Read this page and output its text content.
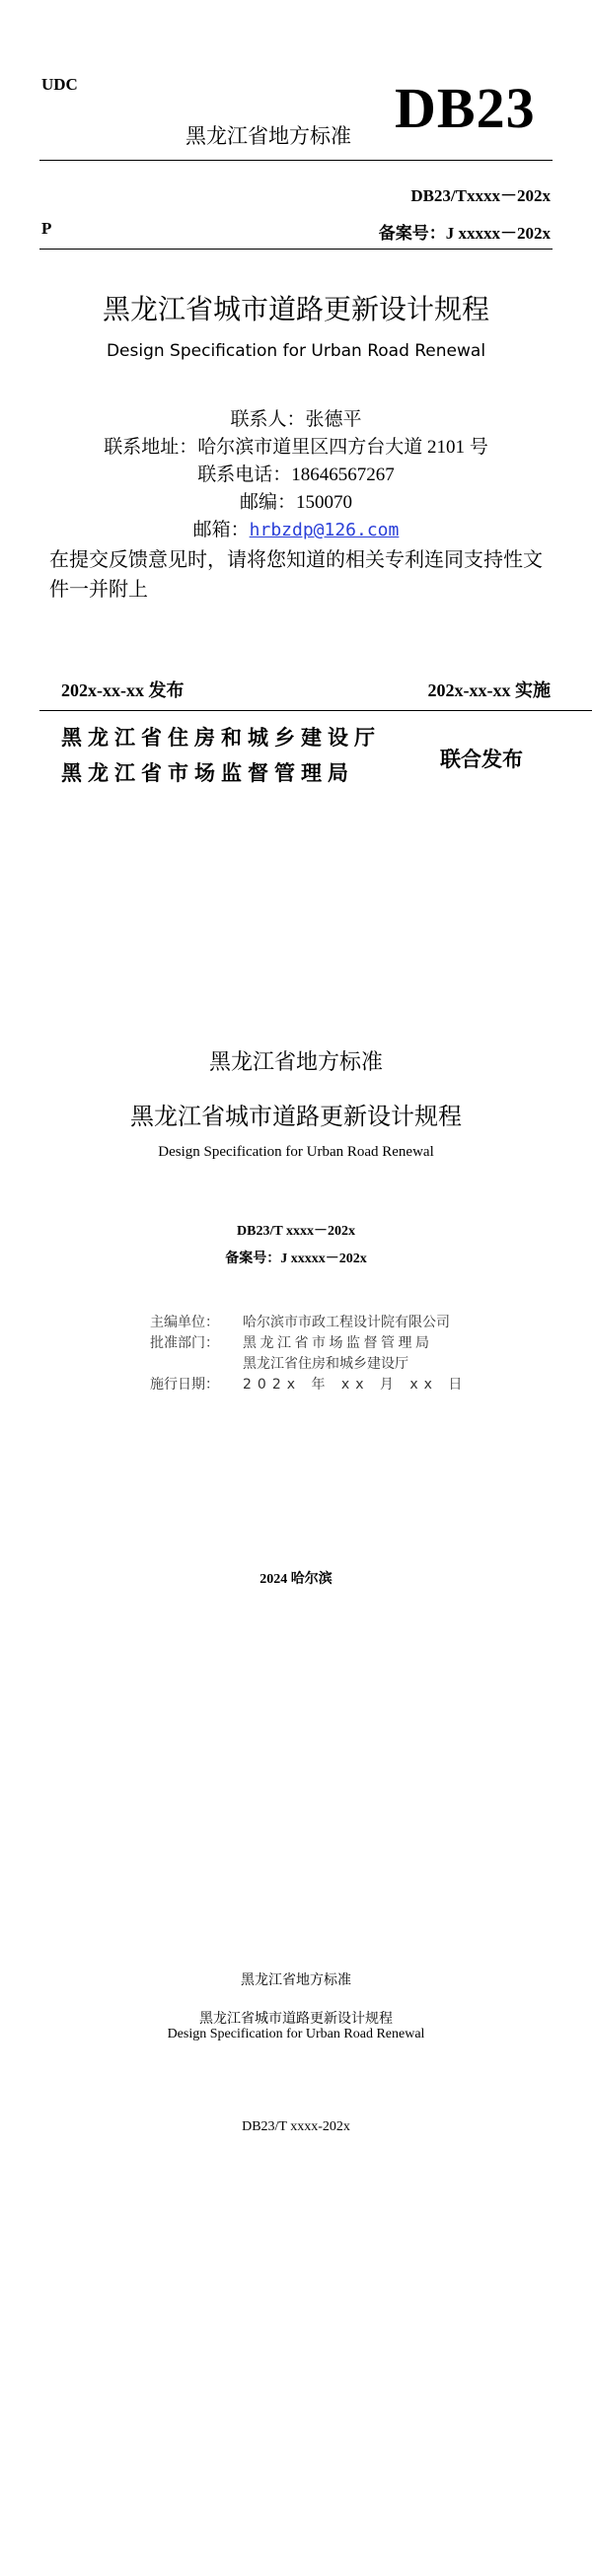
UDC
黑龙江省地方标准 DB23
DB23/Txxxx－202x
P	备案号：J xxxxx－202x
黑龙江省城市道路更新设计规程
Design Specification for Urban Road Renewal
联系人：张德平
联系地址：哈尔滨市道里区四方台大道 2101 号
联系电话：18646567267
邮编：150070
邮箱：hrbzdp@126.com
在提交反馈意见时，请将您知道的相关专利连同支持性文件一并附上
202x-xx-xx 发布	202x-xx-xx 实施
黑龙江省住房和城乡建设厅
黑龙江省市场监督管理局
联合发布
黑龙江省地方标准
黑龙江省城市道路更新设计规程
Design Specification for Urban Road Renewal
DB23/T xxxx－202x
备案号：J xxxxx－202x
主编单位： 哈尔滨市市政工程设计院有限公司
批准部门： 黑龙江省市场监督管理局
黑龙江省住房和城乡建设厅
施行日期： 202x 年 xx 月 xx 日
2024 哈尔滨
黑龙江省地方标准
黑龙江省城市道路更新设计规程
Design Specification for Urban Road Renewal
DB23/T xxxx-202x
